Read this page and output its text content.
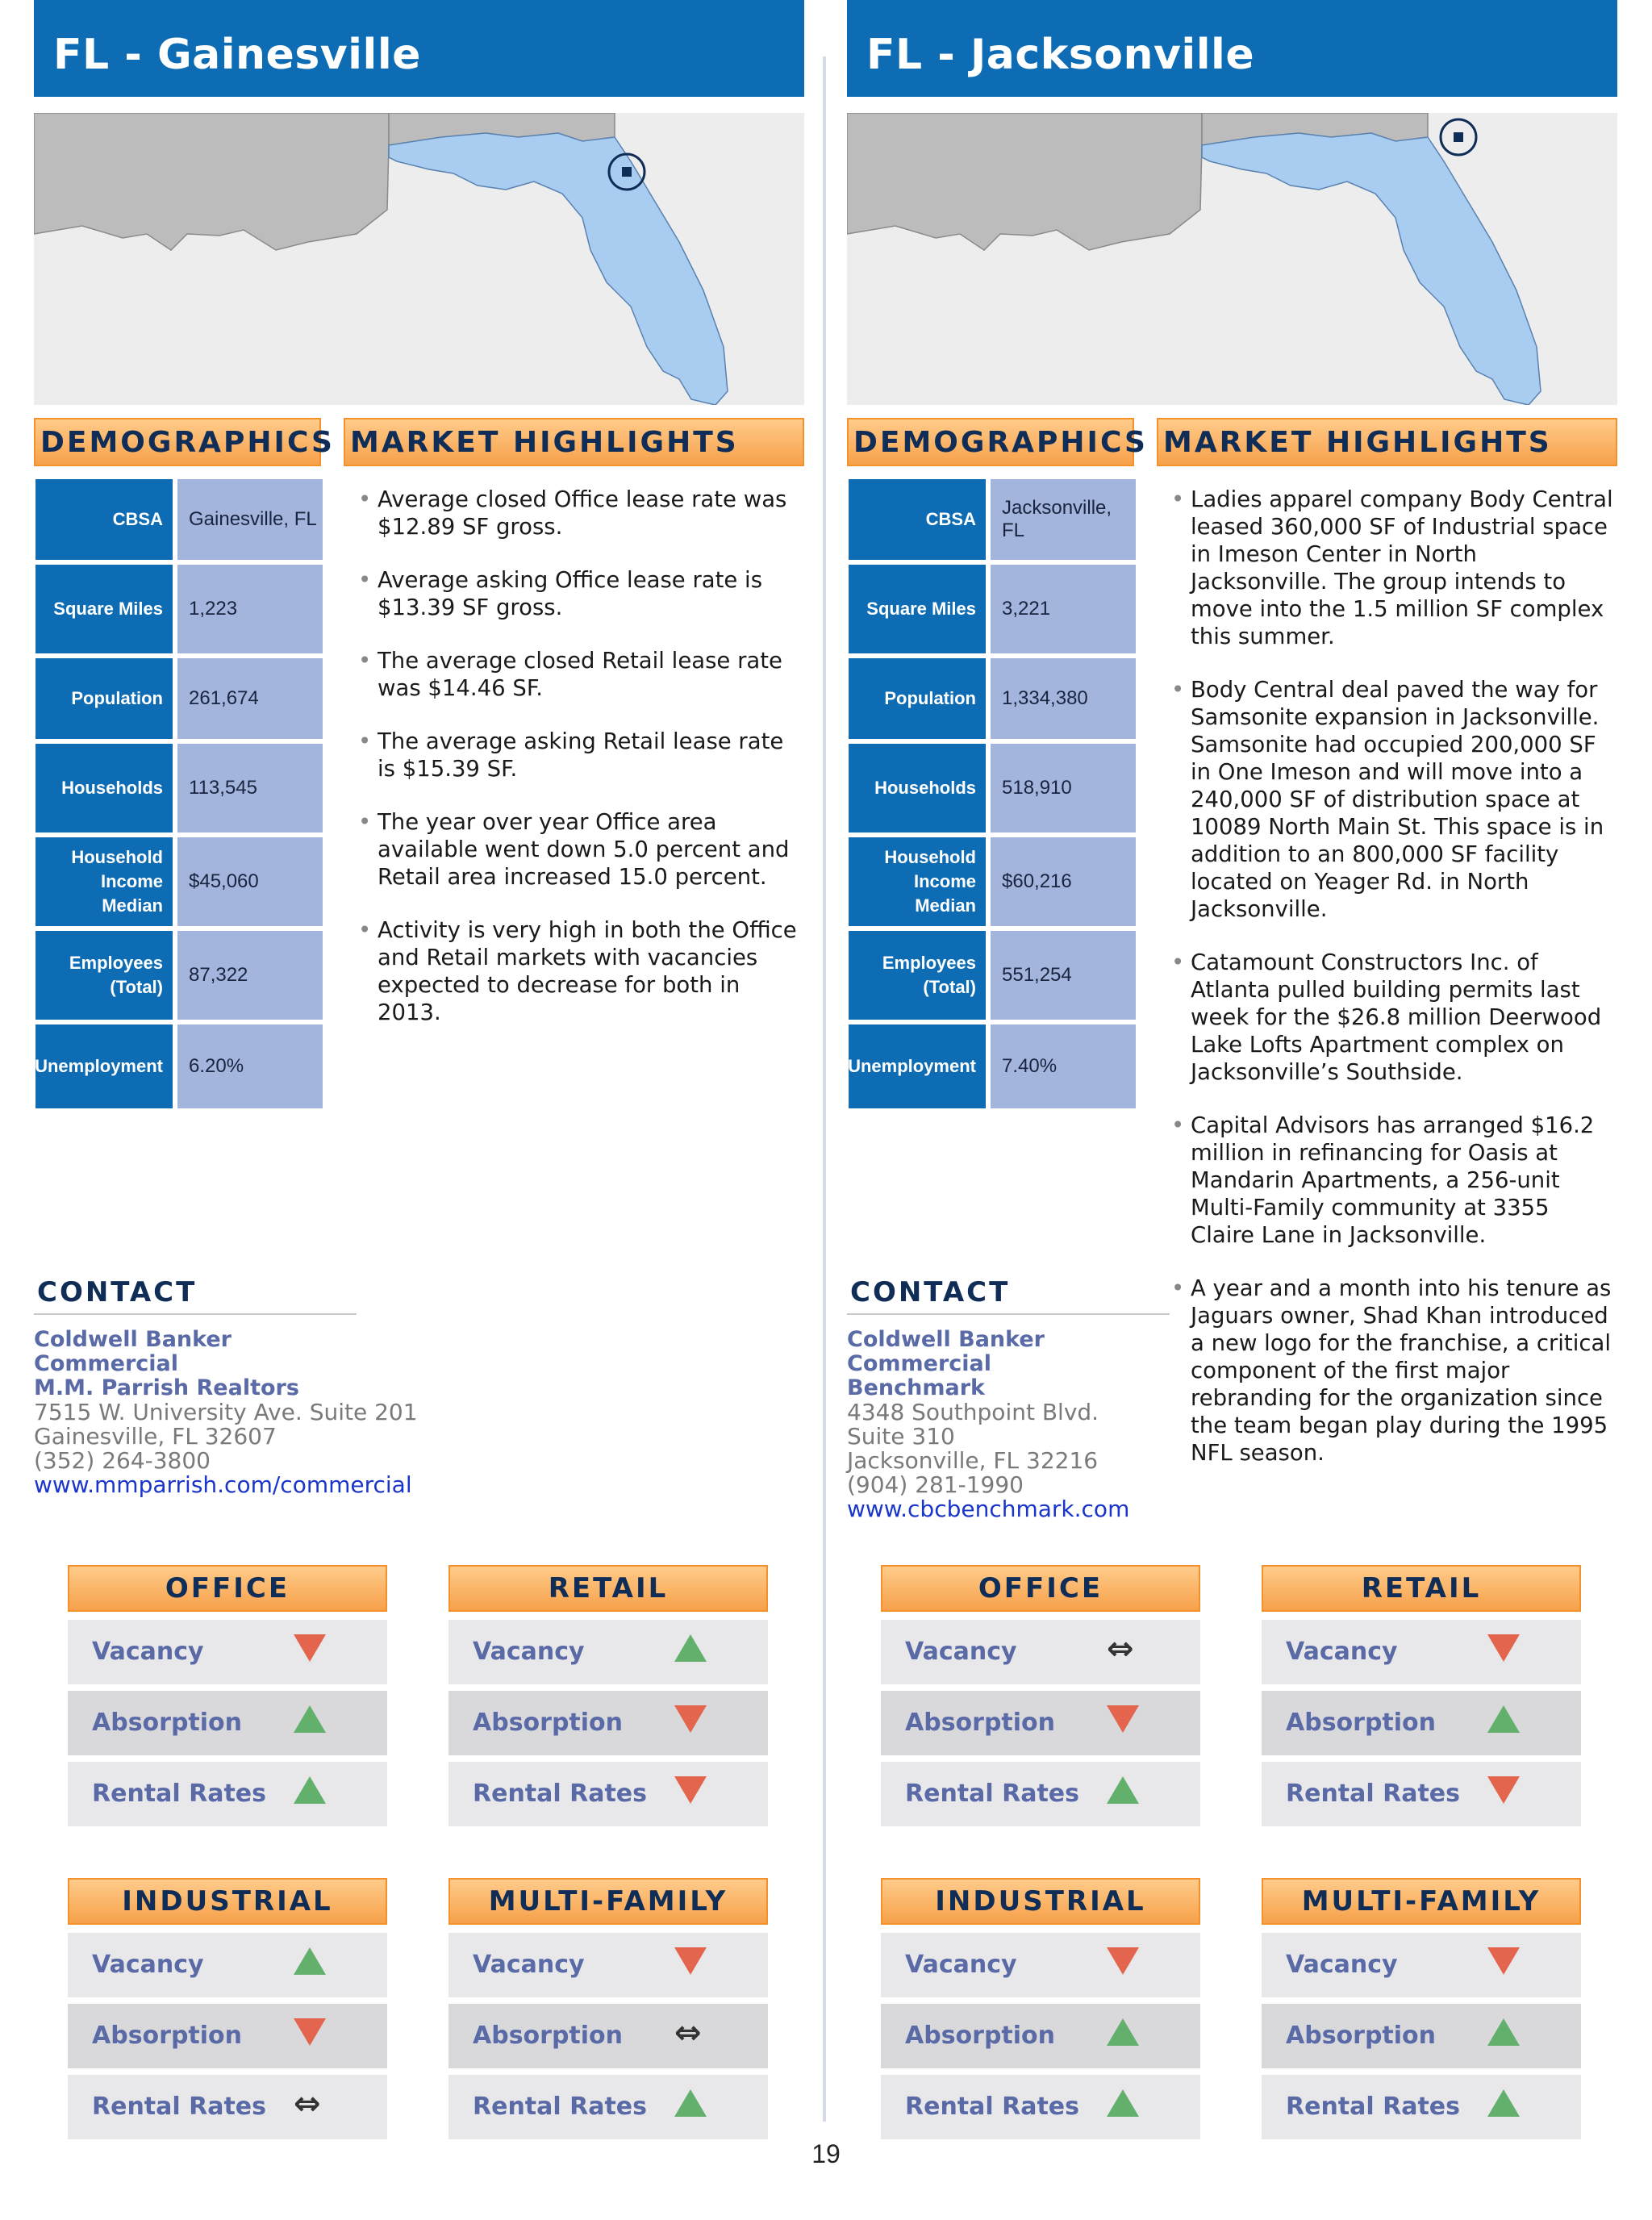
FL - Gainesville
DEMOGRAPHICS MARKET HIGHLIGHTS
CBSA	Gainesville, FL
Square Miles	1,223
Population	261,674
Households	113,545
Household Income Median
$45,060
Employees (Total)
87,322
Unemployment	6.20%
• Average closed Office lease rate was $12.89 SF gross.
• Average asking Office lease rate is $13.39 SF gross.
• The average closed Retail lease rate was $14.46 SF.
• The average asking Retail lease rate is $15.39 SF.
• The year over year Office area available went down 5.0 percent and Retail area increased 15.0 percent.
• Activity is very high in both the Office and Retail markets with vacancies expected to decrease for both in 2013.
CONTACT
Coldwell Banker Commercial
M.M. Parrish Realtors
7515 W. University Ave. Suite 201
Gainesville, FL 32607
(352) 264-3800
www.mmparrish.com/commercial
FL - Jacksonville
DEMOGRAPHICS MARKET HIGHLIGHTS
CBSA
Jacksonville, FL
Square Miles	3,221
Population	1,334,380
Households	518,910
Household Income Median
$60,216
Employees (Total)
551,254
Unemployment	7.40%
• Ladies apparel company Body Central leased 360,000 SF of Industrial space in Imeson Center in North Jacksonville. The group intends to move into the 1.5 million SF complex this summer.
• Body Central deal paved the way for Samsonite expansion in Jacksonville. Samsonite had occupied 200,000 SF in One Imeson and will move into a 240,000 SF of distribution space at 10089 North Main St. This space is in addition to an 800,000 SF facility located on Yeager Rd. in North Jacksonville.
• Catamount Constructors Inc. of Atlanta pulled building permits last week for the $26.8 million Deerwood Lake Lofts Apartment complex on Jacksonville’s Southside.
• Capital Advisors has arranged $16.2 million in refinancing for Oasis at Mandarin Apartments, a 256-unit Multi-Family community at 3355 Claire Lane in Jacksonville.
• A year and a month into his tenure as Jaguars owner, Shad Khan introduced a new logo for the franchise, a critical component of the first major rebranding for the organization since the team began play during the 1995 NFL season.
CONTACT
Coldwell Banker Commercial
Benchmark
4348 Southpoint Blvd.
Suite 310
Jacksonville, FL 32216
(904) 281-1990
www.cbcbenchmark.com
OFFICE
Vacancy
Absorption
Rental Rates
RETAIL
Vacancy
Absorption
Rental Rates
INDUSTRIAL
Vacancy
Absorption
Rental Rates ⇔
MULTI-FAMILY
Vacancy
Absorption ⇔
Rental Rates
OFFICE
Vacancy	⇔
Absorption
Rental Rates
RETAIL
Vacancy
Absorption
Rental Rates
INDUSTRIAL
Vacancy
Absorption
Rental Rates
MULTI-FAMILY
Vacancy
Absorption
Rental Rates
19
